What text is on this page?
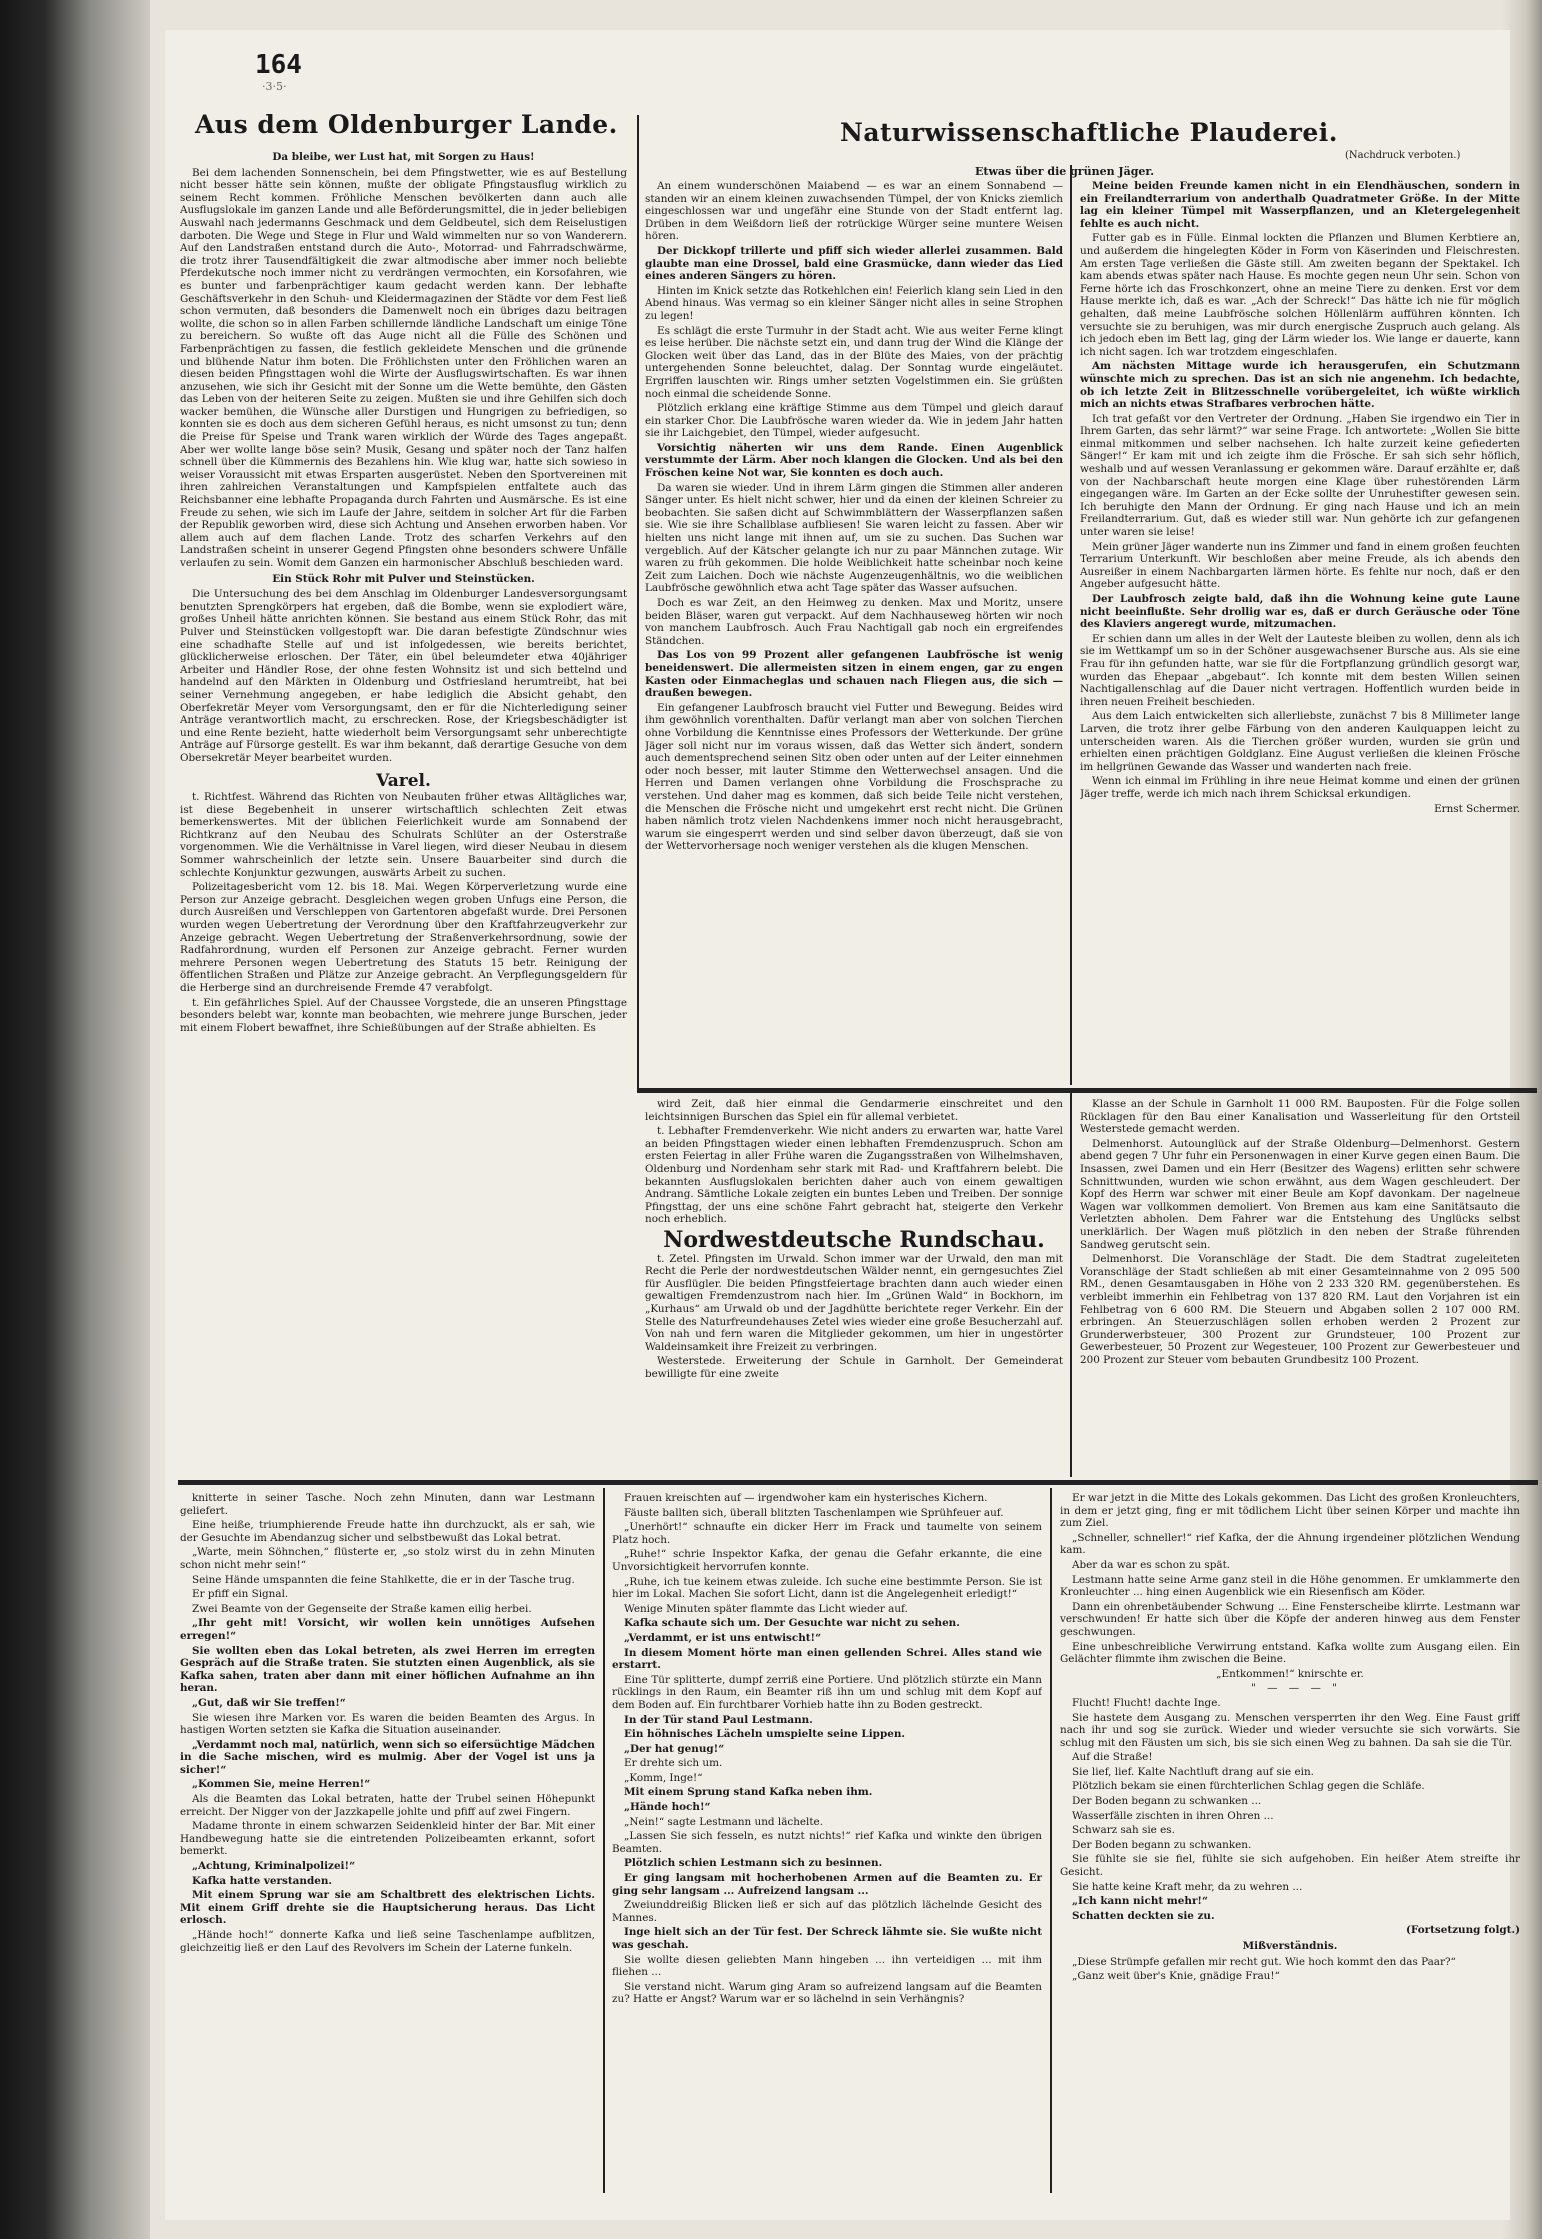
164
·3·5·
Aus dem Oldenburger Lande.	Naturwissenschaftliche Plauderei.
(Nachdruck verboten.)
Etwas über die grünen Jäger.

Da bleibe, wer Lust hat, mit Sorgen zu Haus!

Bei dem lachenden Sonnenschein, bei dem Pfingstwetter, wie es auf Bestellung nicht besser hätte sein können, mußte der obligate Pfingstausflug wirklich zu seinem Recht kommen. Fröhliche Menschen bevölkerten dann auch alle Ausflugslokale im ganzen Lande und alle Beförderungsmittel, die in jeder beliebigen Auswahl nach jedermanns Geschmack und dem Geldbeutel, sich dem Reiselustigen darboten. Die Wege und Stege in Flur und Wald wimmelten nur so von Wanderern. Auf den Landstraßen entstand durch die Auto-, Motorrad- und Fahrradschwärme, die trotz ihrer Tausendfältigkeit die zwar altmodische aber immer noch beliebte Pferdekutsche noch immer nicht zu verdrängen vermochten, ein Korsofahren, wie es bunter und farbenprächtiger kaum gedacht werden kann. Der lebhafte Geschäftsverkehr in den Schuh- und Kleidermagazinen der Städte vor dem Fest ließ schon vermuten, daß besonders die Damenwelt noch ein übriges dazu beitragen wollte, die schon so in allen Farben schillernde ländliche Landschaft um einige Töne zu bereichern. So wußte oft das Auge nicht all die Fülle des Schönen und Farbenprächtigen zu fassen, die festlich gekleidete Menschen und die grünende und blühende Natur ihm boten. Die Fröhlichsten unter den Fröhlichen waren an diesen beiden Pfingsttagen wohl die Wirte der Ausflugswirtschaften. Es war ihnen anzusehen, wie sich ihr Gesicht mit der Sonne um die Wette bemühte, den Gästen das Leben von der heiteren Seite zu zeigen. Mußten sie und ihre Gehilfen sich doch wacker bemühen, die Wünsche aller Durstigen und Hungrigen zu befriedigen, so konnten sie es doch aus dem sicheren Gefühl heraus, es nicht umsonst zu tun; denn die Preise für Speise und Trank waren wirklich der Würde des Tages angepaßt. Aber wer wollte lange böse sein? Musik, Gesang und später noch der Tanz halfen schnell über die Kümmernis des Bezahlens hin. Wie klug war, hatte sich sowieso in weiser Voraussicht mit etwas Ersparten ausgerüstet. Neben den Sportvereinen mit ihren zahlreichen Veranstaltungen und Kampfspielen entfaltete auch das Reichsbanner eine lebhafte Propaganda durch Fahrten und Ausmärsche. Es ist eine Freude zu sehen, wie sich im Laufe der Jahre, seitdem in solcher Art für die Farben der Republik geworben wird, diese sich Achtung und Ansehen erworben haben. Vor allem auch auf dem flachen Lande. Trotz des scharfen Verkehrs auf den Landstraßen scheint in unserer Gegend Pfingsten ohne besonders schwere Unfälle verlaufen zu sein. Womit dem Ganzen ein harmonischer Abschluß beschieden ward.

Ein Stück Rohr mit Pulver und Steinstücken.

Die Untersuchung des bei dem Anschlag im Oldenburger Landesversorgungsamt benutzten Sprengkörpers hat ergeben, daß die Bombe, wenn sie explodiert wäre, großes Unheil hätte anrichten können. Sie bestand aus einem Stück Rohr, das mit Pulver und Steinstücken vollgestopft war. Die daran befestigte Zündschnur wies eine schadhafte Stelle auf und ist infolgedessen, wie bereits berichtet, glücklicherweise erloschen. Der Täter, ein übel beleumdeter etwa 40jähriger Arbeiter und Händler Rose, der ohne festen Wohnsitz ist und sich bettelnd und handelnd auf den Märkten in Oldenburg und Ostfriesland herumtreibt, hat bei seiner Vernehmung angegeben, er habe lediglich die Absicht gehabt, den Oberfekretär Meyer vom Versorgungsamt, den er für die Nichterledigung seiner Anträge verantwortlich macht, zu erschrecken. Rose, der Kriegsbeschädigter ist und eine Rente bezieht, hatte wiederholt beim Versorgungsamt sehr unberechtigte Anträge auf Fürsorge gestellt. Es war ihm bekannt, daß derartige Gesuche von dem Obersekretär Meyer bearbeitet wurden.

Varel.

t. Richtfest. Während das Richten von Neubauten früher etwas Alltägliches war, ist diese Begebenheit in unserer wirtschaftlich schlechten Zeit etwas bemerkenswertes. Mit der üblichen Feierlichkeit wurde am Sonnabend der Richtkranz auf den Neubau des Schulrats Schlüter an der Osterstraße vorgenommen. Wie die Verhältnisse in Varel liegen, wird dieser Neubau in diesem Sommer wahrscheinlich der letzte sein. Unsere Bauarbeiter sind durch die schlechte Konjunktur gezwungen, auswärts Arbeit zu suchen.

Polizeitagesbericht vom 12. bis 18. Mai. Wegen Körperverletzung wurde eine Person zur Anzeige gebracht. Desgleichen wegen groben Unfugs eine Person, die durch Ausreißen und Verschleppen von Gartentoren abgefaßt wurde. Drei Personen wurden wegen Uebertretung der Verordnung über den Kraftfahrzeugverkehr zur Anzeige gebracht. Wegen Uebertretung der Straßenverkehrsordnung, sowie der Radfahrordnung, wurden elf Personen zur Anzeige gebracht. Ferner wurden mehrere Personen wegen Uebertretung des Statuts 15 betr. Reinigung der öffentlichen Straßen und Plätze zur Anzeige gebracht. An Verpflegungsgeldern für die Herberge sind an durchreisende Fremde 47 verabfolgt.

t. Ein gefährliches Spiel. Auf der Chaussee Vorgstede, die an unseren Pfingsttage besonders belebt war, konnte man beobachten, wie mehrere junge Burschen, jeder mit einem Flobert bewaffnet, ihre Schießübungen auf der Straße abhielten. Es

An einem wunderschönen Maiabend — es war an einem Sonnabend — standen wir an einem kleinen zuwachsenden Tümpel, der von Knicks ziemlich eingeschlossen war und ungefähr eine Stunde von der Stadt entfernt lag. Drüben in dem Weißdorn ließ der rotrückige Würger seine muntere Weisen hören.

Der Dickkopf trillerte und pfiff sich wieder allerlei zusammen. Bald glaubte man eine Drossel, bald eine Grasmücke, dann wieder das Lied eines anderen Sängers zu hören.

Hinten im Knick setzte das Rotkehlchen ein! Feierlich klang sein Lied in den Abend hinaus. Was vermag so ein kleiner Sänger nicht alles in seine Strophen zu legen!

Es schlägt die erste Turmuhr in der Stadt acht. Wie aus weiter Ferne klingt es leise herüber. Die nächste setzt ein, und dann trug der Wind die Klänge der Glocken weit über das Land, das in der Blüte des Maies, von der prächtig untergehenden Sonne beleuchtet, dalag. Der Sonntag wurde eingeläutet. Ergriffen lauschten wir. Rings umher setzten Vogelstimmen ein. Sie grüßten noch einmal die scheidende Sonne.

Plötzlich erklang eine kräftige Stimme aus dem Tümpel und gleich darauf ein starker Chor. Die Laubfrösche waren wieder da. Wie in jedem Jahr hatten sie ihr Laichgebiet, den Tümpel, wieder aufgesucht.

Vorsichtig näherten wir uns dem Rande. Einen Augenblick verstummte der Lärm. Aber noch klangen die Glocken. Und als bei den Fröschen keine Not war, Sie konnten es doch auch.

Da waren sie wieder. Und in ihrem Lärm gingen die Stimmen aller anderen Sänger unter. Es hielt nicht schwer, hier und da einen der kleinen Schreier zu beobachten. Sie saßen dicht auf Schwimmblättern der Wasserpflanzen saßen sie. Wie sie ihre Schallblase aufbliesen! Sie waren leicht zu fassen. Aber wir hielten uns nicht lange mit ihnen auf, um sie zu suchen. Das Suchen war vergeblich. Auf der Kätscher gelangte ich nur zu paar Männchen zutage. Wir waren zu früh gekommen. Die holde Weiblichkeit hatte scheinbar noch keine Zeit zum Laichen. Doch wie nächste Augenzeugenhältnis, wo die weiblichen Laubfrösche gewöhnlich etwa acht Tage später das Wasser aufsuchen.

Doch es war Zeit, an den Heimweg zu denken. Max und Moritz, unsere beiden Bläser, waren gut verpackt. Auf dem Nachhauseweg hörten wir noch von manchem Laubfrosch. Auch Frau Nachtigall gab noch ein ergreifendes Ständchen.

Das Los von 99 Prozent aller gefangenen Laubfrösche ist wenig beneidenswert. Die allermeisten sitzen in einem engen, gar zu engen Kasten oder Einmacheglas und schauen nach Fliegen aus, die sich — draußen bewegen.

Ein gefangener Laubfrosch braucht viel Futter und Bewegung. Beides wird ihm gewöhnlich vorenthalten. Dafür verlangt man aber von solchen Tierchen ohne Vorbildung die Kenntnisse eines Professors der Wetterkunde. Der grüne Jäger soll nicht nur im voraus wissen, daß das Wetter sich ändert, sondern auch dementsprechend seinen Sitz oben oder unten auf der Leiter einnehmen oder noch besser, mit lauter Stimme den Wetterwechsel ansagen. Und die Herren und Damen verlangen ohne Vorbildung die Froschsprache zu verstehen. Und daher mag es kommen, daß sich beide Teile nicht verstehen, die Menschen die Frösche nicht und umgekehrt erst recht nicht. Die Grünen haben nämlich trotz vielen Nachdenkens immer noch nicht herausgebracht, warum sie eingesperrt werden und sind selber davon überzeugt, daß sie von der Wettervorhersage noch weniger verstehen als die klugen Menschen.

Meine beiden Freunde kamen nicht in ein Elendhäuschen, sondern in ein Freilandterrarium von anderthalb Quadratmeter Größe. In der Mitte lag ein kleiner Tümpel mit Wasserpflanzen, und an Kletergelegenheit fehlte es auch nicht.

Futter gab es in Fülle. Einmal lockten die Pflanzen und Blumen Kerbtiere an, und außerdem die hingelegten Köder in Form von Käserinden und Fleischresten. Am ersten Tage verließen die Gäste still. Am zweiten begann der Spektakel. Ich kam abends etwas später nach Hause. Es mochte gegen neun Uhr sein. Schon von Ferne hörte ich das Froschkonzert, ohne an meine Tiere zu denken. Erst vor dem Hause merkte ich, daß es war. „Ach der Schreck!“ Das hätte ich nie für möglich gehalten, daß meine Laubfrösche solchen Höllenlärm aufführen könnten. Ich versuchte sie zu beruhigen, was mir durch energische Zuspruch auch gelang. Als ich jedoch eben im Bett lag, ging der Lärm wieder los. Wie lange er dauerte, kann ich nicht sagen. Ich war trotzdem eingeschlafen.

Am nächsten Mittage wurde ich herausgerufen, ein Schutzmann wünschte mich zu sprechen. Das ist an sich nie angenehm. Ich bedachte, ob ich letzte Zeit in Blitzesschnelle vorübergeleitet, ich wüßte wirklich mich an nichts etwas Strafbares verbrochen hätte.

Ich trat gefaßt vor den Vertreter der Ordnung. „Haben Sie irgendwo ein Tier in Ihrem Garten, das sehr lärmt?“ war seine Frage. Ich antwortete: „Wollen Sie bitte einmal mitkommen und selber nachsehen. Ich halte zurzeit keine gefiederten Sänger!“ Er kam mit und ich zeigte ihm die Frösche. Er sah sich sehr höflich, weshalb und auf wessen Veranlassung er gekommen wäre. Darauf erzählte er, daß von der Nachbarschaft heute morgen eine Klage über ruhestörenden Lärm eingegangen wäre. Im Garten an der Ecke sollte der Unruhestifter gewesen sein. Ich beruhigte den Mann der Ordnung. Er ging nach Hause und ich an mein Freilandterrarium. Gut, daß es wieder still war. Nun gehörte ich zur gefangenen unter waren sie leise!

Mein grüner Jäger wanderte nun ins Zimmer und fand in einem großen feuchten Terrarium Unterkunft. Wir beschloßen aber meine Freude, als ich abends den Ausreißer in einem Nachbargarten lärmen hörte. Es fehlte nur noch, daß er den Angeber aufgesucht hätte.

Der Laubfrosch zeigte bald, daß ihn die Wohnung keine gute Laune nicht beeinflußte. Sehr drollig war es, daß er durch Geräusche oder Töne des Klaviers angeregt wurde, mitzumachen.

Er schien dann um alles in der Welt der Lauteste bleiben zu wollen, denn als ich sie im Wettkampf um so in der Schöner ausgewachsener Bursche aus. Als sie eine Frau für ihn gefunden hatte, war sie für die Fortpflanzung gründlich gesorgt war, wurden das Ehepaar „abgebaut“. Ich konnte mit dem besten Willen seinen Nachtigallenschlag auf die Dauer nicht vertragen. Hoffentlich wurden beide in ihren neuen Freiheit beschieden.

Aus dem Laich entwickelten sich allerliebste, zunächst 7 bis 8 Millimeter lange Larven, die trotz ihrer gelbe Färbung von den anderen Kaulquappen leicht zu unterscheiden waren. Als die Tierchen größer wurden, wurden sie grün und erhielten einen prächtigen Goldglanz. Eine August verließen die kleinen Frösche im hellgrünen Gewande das Wasser und wanderten nach freie.

Wenn ich einmal im Frühling in ihre neue Heimat komme und einen der grünen Jäger treffe, werde ich mich nach ihrem Schicksal erkundigen.

Ernst Schermer.

wird Zeit, daß hier einmal die Gendarmerie einschreitet und den leichtsinnigen Burschen das Spiel ein für allemal verbietet.

t. Lebhafter Fremdenverkehr. Wie nicht anders zu erwarten war, hatte Varel an beiden Pfingsttagen wieder einen lebhaften Fremdenzuspruch. Schon am ersten Feiertag in aller Frühe waren die Zugangsstraßen von Wilhelmshaven, Oldenburg und Nordenham sehr stark mit Rad- und Kraftfahrern belebt. Die bekannten Ausflugslokalen berichten daher auch von einem gewaltigen Andrang. Sämtliche Lokale zeigten ein buntes Leben und Treiben. Der sonnige Pfingsttag, der uns eine schöne Fahrt gebracht hat, steigerte den Verkehr noch erheblich.

Nordwestdeutsche Rundschau.

t. Zetel. Pfingsten im Urwald. Schon immer war der Urwald, den man mit Recht die Perle der nordwestdeutschen Wälder nennt, ein gerngesuchtes Ziel für Ausflügler. Die beiden Pfingstfeiertage brachten dann auch wieder einen gewaltigen Fremdenzustrom nach hier. Im „Grünen Wald“ in Bockhorn, im „Kurhaus“ am Urwald ob und der Jagdhütte berichtete reger Verkehr. Ein der Stelle des Naturfreundehauses Zetel wies wieder eine große Besucherzahl auf. Von nah und fern waren die Mitglieder gekommen, um hier in ungestörter Waldeinsamkeit ihre Freizeit zu verbringen.

Westerstede. Erweiterung der Schule in Garnholt. Der Gemeinderat bewilligte für eine zweite

Klasse an der Schule in Garnholt 11 000 RM. Bauposten. Für die Folge sollen Rücklagen für den Bau einer Kanalisation und Wasserleitung für den Ortsteil Westerstede gemacht werden.

Delmenhorst. Autounglück auf der Straße Oldenburg—Delmenhorst. Gestern abend gegen 7 Uhr fuhr ein Personenwagen in einer Kurve gegen einen Baum. Die Insassen, zwei Damen und ein Herr (Besitzer des Wagens) erlitten sehr schwere Schnittwunden, wurden wie schon erwähnt, aus dem Wagen geschleudert. Der Kopf des Herrn war schwer mit einer Beule am Kopf davonkam. Der nagelneue Wagen war vollkommen demoliert. Von Bremen aus kam eine Sanitätsauto die Verletzten abholen. Dem Fahrer war die Entstehung des Unglücks selbst unerklärlich. Der Wagen muß plötzlich in den neben der Straße führenden Sandweg gerutscht sein.

Delmenhorst. Die Voranschläge der Stadt. Die dem Stadtrat zugeleiteten Voranschläge der Stadt schließen ab mit einer Gesamteinnahme von 2 095 500 RM., denen Gesamtausgaben in Höhe von 2 233 320 RM. gegenüberstehen. Es verbleibt immerhin ein Fehlbetrag von 137 820 RM. Laut den Vorjahren ist ein Fehlbetrag von 6 600 RM. Die Steuern und Abgaben sollen 2 107 000 RM. erbringen. An Steuerzuschlägen sollen erhoben werden 2 Prozent zur Grunderwerbsteuer, 300 Prozent zur Grundsteuer, 100 Prozent zur Gewerbesteuer, 50 Prozent zur Wegesteuer, 100 Prozent zur Gewerbesteuer und 200 Prozent zur Steuer vom bebauten Grundbesitz 100 Prozent.

knitterte in seiner Tasche. Noch zehn Minuten, dann war Lestmann geliefert.

Eine heiße, triumphierende Freude hatte ihn durchzuckt, als er sah, wie der Gesuchte im Abendanzug sicher und selbstbewußt das Lokal betrat.

„Warte, mein Söhnchen,“ flüsterte er, „so stolz wirst du in zehn Minuten schon nicht mehr sein!“

Seine Hände umspannten die feine Stahlkette, die er in der Tasche trug.

Er pfiff ein Signal.

Zwei Beamte von der Gegenseite der Straße kamen eilig herbei.

„Ihr geht mit! Vorsicht, wir wollen kein unnötiges Aufsehen erregen!“

Sie wollten eben das Lokal betreten, als zwei Herren im erregten Gespräch auf die Straße traten. Sie stutzten einen Augenblick, als sie Kafka sahen, traten aber dann mit einer höflichen Aufnahme an ihn heran.

„Gut, daß wir Sie treffen!“

Sie wiesen ihre Marken vor. Es waren die beiden Beamten des Argus. In hastigen Worten setzten sie Kafka die Situation auseinander.

„Verdammt noch mal, natürlich, wenn sich so eifersüchtige Mädchen in die Sache mischen, wird es mulmig. Aber der Vogel ist uns ja sicher!“

„Kommen Sie, meine Herren!“

Als die Beamten das Lokal betraten, hatte der Trubel seinen Höhepunkt erreicht. Der Nigger von der Jazzkapelle johlte und pfiff auf zwei Fingern.

Madame thronte in einem schwarzen Seidenkleid hinter der Bar. Mit einer Handbewegung hatte sie die eintretenden Polizeibeamten erkannt, sofort bemerkt.

„Achtung, Kriminalpolizei!“

Kafka hatte verstanden.

Mit einem Sprung war sie am Schaltbrett des elektrischen Lichts. Mit einem Griff drehte sie die Hauptsicherung heraus. Das Licht erlosch.

„Hände hoch!“ donnerte Kafka und ließ seine Taschenlampe aufblitzen, gleichzeitig ließ er den Lauf des Revolvers im Schein der Laterne funkeln.

Frauen kreischten auf — irgendwoher kam ein hysterisches Kichern.

Fäuste ballten sich, überall blitzten Taschenlampen wie Sprühfeuer auf.

„Unerhört!“ schnaufte ein dicker Herr im Frack und taumelte von seinem Platz hoch.

„Ruhe!“ schrie Inspektor Kafka, der genau die Gefahr erkannte, die eine Unvorsichtigkeit hervorrufen konnte.

„Ruhe, ich tue keinem etwas zuleide. Ich suche eine bestimmte Person. Sie ist hier im Lokal. Machen Sie sofort Licht, dann ist die Angelegenheit erledigt!“

Wenige Minuten später flammte das Licht wieder auf.

Kafka schaute sich um. Der Gesuchte war nicht zu sehen.

„Verdammt, er ist uns entwischt!“

In diesem Moment hörte man einen gellenden Schrei. Alles stand wie erstarrt.

Eine Tür splitterte, dumpf zerriß eine Portiere. Und plötzlich stürzte ein Mann rücklings in den Raum, ein Beamter riß ihn um und schlug mit dem Kopf auf dem Boden auf. Ein furchtbarer Vorhieb hatte ihn zu Boden gestreckt.

In der Tür stand Paul Lestmann.

Ein höhnisches Lächeln umspielte seine Lippen.

„Der hat genug!“

Er drehte sich um.

„Komm, Inge!“

Mit einem Sprung stand Kafka neben ihm.

„Hände hoch!“

„Nein!“ sagte Lestmann und lächelte.

„Lassen Sie sich fesseln, es nutzt nichts!“ rief Kafka und winkte den übrigen Beamten.

Plötzlich schien Lestmann sich zu besinnen.

Er ging langsam mit hocherhobenen Armen auf die Beamten zu. Er ging sehr langsam ... Aufreizend langsam ...

Zweiunddreißig Blicken ließ er sich auf das plötzlich lächelnde Gesicht des Mannes.

Inge hielt sich an der Tür fest. Der Schreck lähmte sie. Sie wußte nicht was geschah.

Sie wollte diesen geliebten Mann hingeben ... ihn verteidigen ... mit ihm fliehen ...

Sie verstand nicht. Warum ging Aram so aufreizend langsam auf die Beamten zu? Hatte er Angst? Warum war er so lächelnd in sein Verhängnis?

Er war jetzt in die Mitte des Lokals gekommen. Das Licht des großen Kronleuchters, in dem er jetzt ging, fing er mit tödlichem Licht über seinen Körper und machte ihn zum Ziel.

„Schneller, schneller!“ rief Kafka, der die Ahnung irgendeiner plötzlichen Wendung kam.

Aber da war es schon zu spät.

Lestmann hatte seine Arme ganz steil in die Höhe genommen. Er umklammerte den Kronleuchter ... hing einen Augenblick wie ein Riesenfisch am Köder.

Dann ein ohrenbetäubender Schwung ... Eine Fensterscheibe klirrte. Lestmann war verschwunden! Er hatte sich über die Köpfe der anderen hinweg aus dem Fenster geschwungen.

Eine unbeschreibliche Verwirrung entstand. Kafka wollte zum Ausgang eilen. Ein Gelächter flimmte ihm zwischen die Beine.

„Entkommen!“ knirschte er.

" — — — "

Flucht! Flucht! dachte Inge.

Sie hastete dem Ausgang zu. Menschen versperrten ihr den Weg. Eine Faust griff nach ihr und sog sie zurück. Wieder und wieder versuchte sie sich vorwärts. Sie schlug mit den Fäusten um sich, bis sie sich einen Weg zu bahnen. Da sah sie die Tür.

Auf die Straße!

Sie lief, lief. Kalte Nachtluft drang auf sie ein.

Plötzlich bekam sie einen fürchterlichen Schlag gegen die Schläfe.

Der Boden begann zu schwanken ...

Wasserfälle zischten in ihren Ohren ...

Schwarz sah sie es.

Der Boden begann zu schwanken.

Sie fühlte sie sie fiel, fühlte sie sich aufgehoben. Ein heißer Atem streifte ihr Gesicht.

Sie hatte keine Kraft mehr, da zu wehren ...

„Ich kann nicht mehr!“

Schatten deckten sie zu.

(Fortsetzung folgt.)

Mißverständnis.

„Diese Strümpfe gefallen mir recht gut. Wie hoch kommt den das Paar?“

„Ganz weit über's Knie, gnädige Frau!“
